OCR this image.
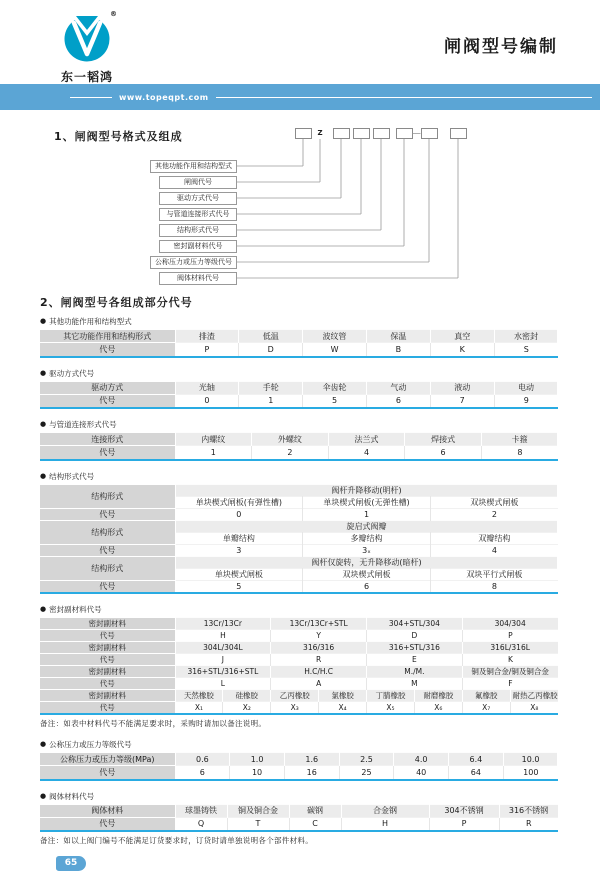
®
东一韬鸿
闸阀型号编制
www.topeqpt.com
1、闸阀型号格式及组成	Z
其他功能作用和结构型式
闸阀代号
驱动方式代号
与管道连接形式代号
结构形式代号
密封副材料代号
公称压力或压力等级代号
阀体材料代号
2、闸阀型号各组成部分代号
● 其他功能作用和结构型式
其它功能作用和结构形式	排渣	低温	波纹管	保温	真空	水密封
代号	P	D	W	B	K	S
● 驱动方式代号
驱动方式	光轴	手轮	伞齿轮	气动	液动	电动
代号	0	1	5	6	7	9
● 与管道连接形式代号
连接形式	内螺纹	外螺纹	法兰式	焊接式	卡箍
代号	1	2	4	6	8
● 结构形式代号
结构形式	阀杆升降移动(明杆)		
	单块楔式闸板(有弹性槽)	单块楔式闸板(无弹性槽)	双块楔式闸板
代号	0	1	2
结构形式	旋启式阀瓣		
	单瓣结构	多瓣结构	双瓣结构
代号	3	3ₓ	4
结构形式	阀杆仅旋转，无升降移动(暗杆)		
	单块楔式闸板	双块楔式闸板	双块平行式闸板
代号	5	6	8
● 密封副材料代号
密封副材料	13Cr/13Cr		13Cr/13Cr+STL		304+STL/304		304/304	
代号	H		Y		D		P	
密封副材料	304L/304L		316/316		316+STL/316		316L/316L	
代号	J		R		E		K	
密封副材料	316+STL/316+STL		H.C/H.C		M./M.		铜及铜合金/铜及铜合金	
代号	L		A		M		F	
密封副材料	天然橡胶	硅橡胶	乙丙橡胶	氯橡胶	丁腈橡胶	耐磨橡胶	氟橡胶	耐热乙丙橡胶
代号	X₁	X₂	X₃	X₄	X₅	X₆	X₇	X₈
备注：如表中材料代号不能满足要求时，采购时请加以备注说明。
● 公称压力或压力等级代号
公称压力或压力等级(MPa)	0.6	1.0	1.6	2.5	4.0	6.4	10.0
代号	6	10	16	25	40	64	100
● 阀体材料代号
阀体材料	球墨铸铁	铜及铜合金	碳钢	合金钢	304不锈钢	316不锈钢
代号	Q	T	C	H	P	R
备注：如以上阀门编号不能满足订货要求时，订货时请单独说明各个部件材料。
65
